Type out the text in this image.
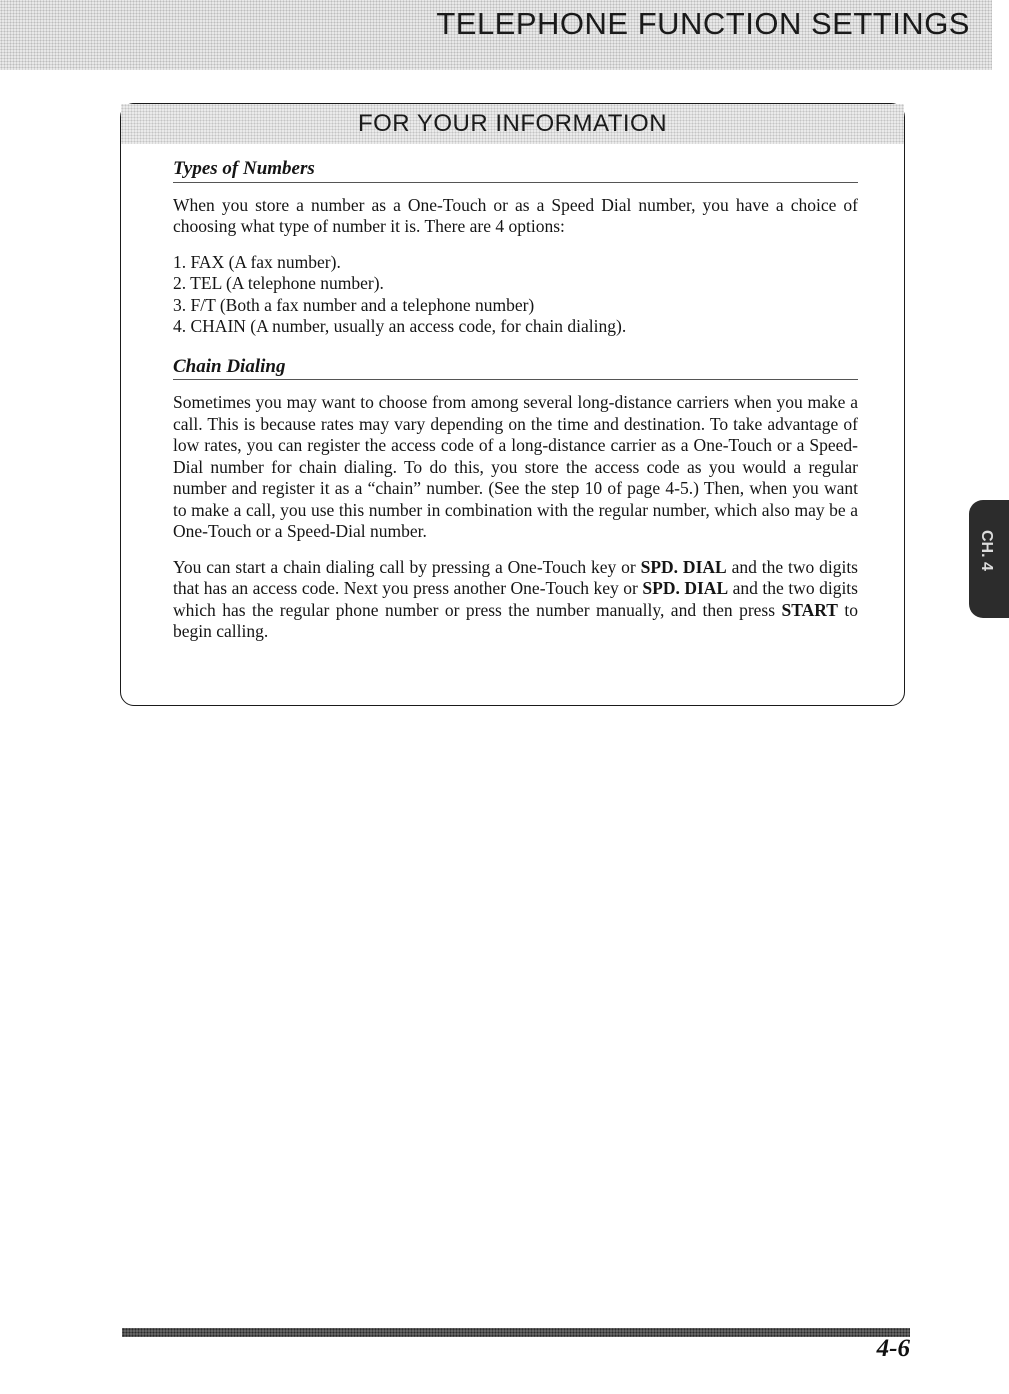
TELEPHONE FUNCTION SETTINGS
FOR YOUR INFORMATION
Types of Numbers

When you store a number as a One-Touch or as a Speed Dial number, you have a choice of choosing what type of number it is. There are 4 options:

1. FAX (A fax number).
2. TEL (A telephone number).
3. F/T (Both a fax number and a telephone number)
4. CHAIN (A number, usually an access code, for chain dialing).
Chain Dialing

Sometimes you may want to choose from among several long-distance carriers when you make a call. This is because rates may vary depending on the time and destination. To take advantage of low rates, you can register the access code of a long-distance carrier as a One-Touch or a Speed-Dial number for chain dialing. To do this, you store the access code as you would a regular number and register it as a “chain” number. (See the step 10 of page 4-5.) Then, when you want to make a call, you use this number in combination with the regular number, which also may be a One-Touch or a Speed-Dial number.

You can start a chain dialing call by pressing a One-Touch key or SPD. DIAL and the two digits that has an access code. Next you press another One-Touch key or SPD. DIAL and the two digits which has the regular phone number or press the number manually, and then press START to begin calling.

CH. 4
4-6
